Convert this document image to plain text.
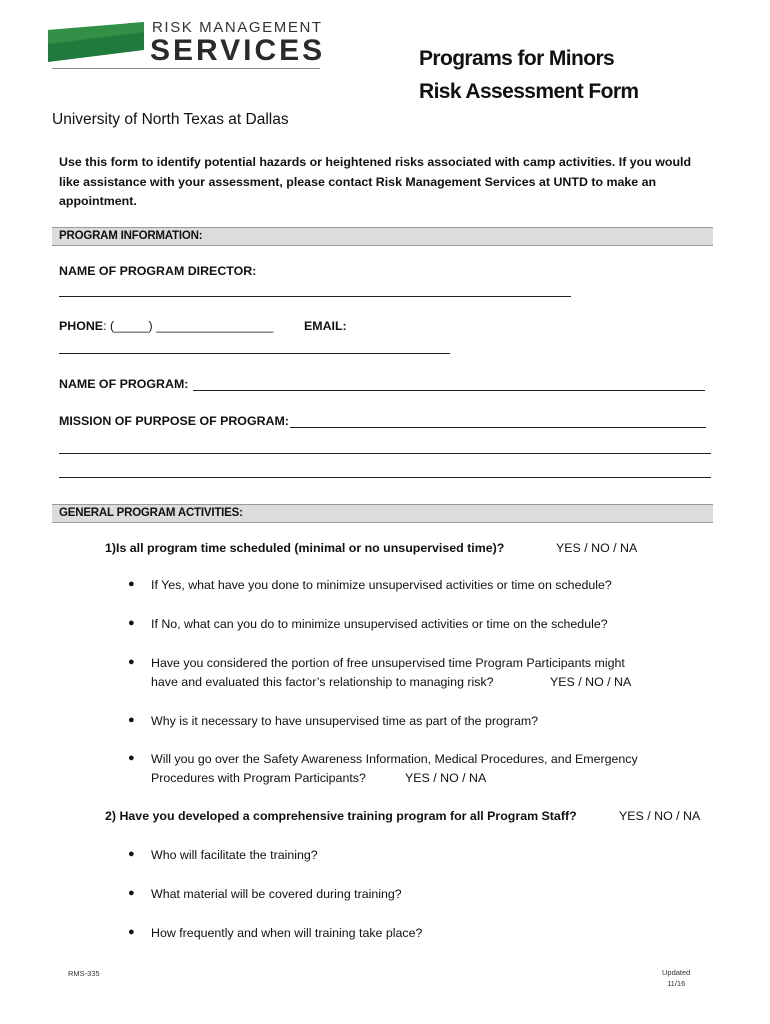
RISK MANAGEMENT
SERVICES	Programs for Minors
Risk Assessment Form
University of North Texas at Dallas
Use this form to identify potential hazards or heightened risks associated with camp activities. If you would like assistance with your assessment, please contact Risk Management Services at UNTD to make an appointment.
PROGRAM INFORMATION:
NAME OF PROGRAM DIRECTOR:
PHONE: (_____) _________________ EMAIL:
NAME OF PROGRAM:
MISSION OF PURPOSE OF PROGRAM:
GENERAL PROGRAM ACTIVITIES:
1)Is all program time scheduled (minimal or no unsupervised time)?	YES / NO / NA
● If Yes, what have you done to minimize unsupervised activities or time on schedule?
● If No, what can you do to minimize unsupervised activities or time on the schedule?
● Have you considered the portion of free unsupervised time Program Participants might
have and evaluated this factor’s relationship to managing risk?	YES / NO / NA
● Why is it necessary to have unsupervised time as part of the program?
● Will you go over the Safety Awareness Information, Medical Procedures, and Emergency
Procedures with Program Participants?	YES / NO / NA
2) Have you developed a comprehensive training program for all Program Staff?	YES / NO / NA
● Who will facilitate the training?
● What material will be covered during training?
● How frequently and when will training take place?
RMS-335	Updated
11/16
